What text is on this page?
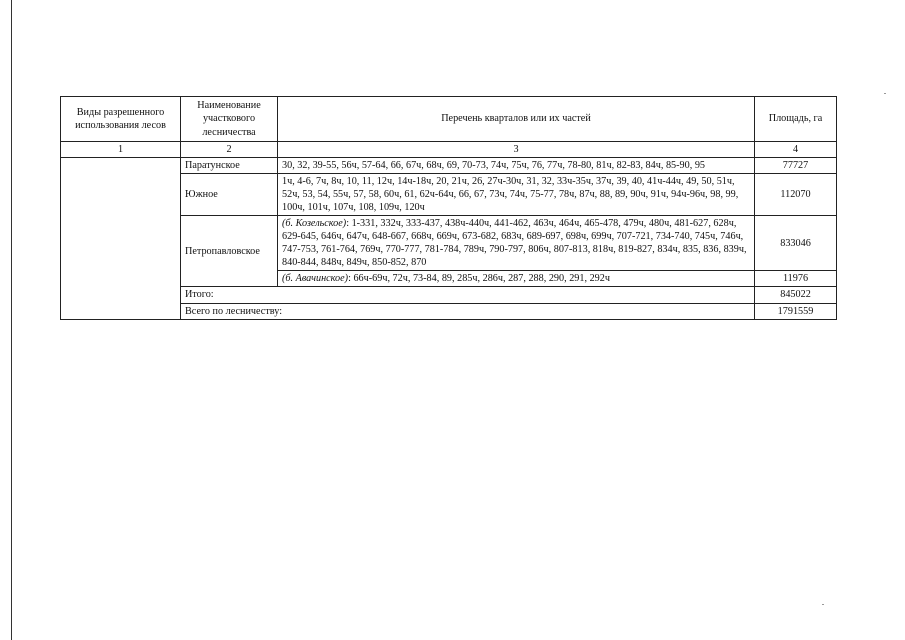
Виды разрешенного использования лесов	Наименование участкового лесничества	Перечень кварталов или их частей	Площадь, га
1	2	3	4
	Паратунское	30, 32, 39-55, 56ч, 57-64, 66, 67ч, 68ч, 69, 70-73, 74ч, 75ч, 76, 77ч, 78-80, 81ч, 82-83, 84ч, 85-90, 95	77727
	Южное	1ч, 4-6, 7ч, 8ч, 10, 11, 12ч, 14ч-18ч, 20, 21ч, 26, 27ч-30ч, 31, 32, 33ч-35ч, 37ч, 39, 40, 41ч-44ч, 49, 50, 51ч, 52ч, 53, 54, 55ч, 57, 58, 60ч, 61, 62ч-64ч, 66, 67, 73ч, 74ч, 75-77, 78ч, 87ч, 88, 89, 90ч, 91ч, 94ч-96ч, 98, 99, 100ч, 101ч, 107ч, 108, 109ч, 120ч	112070
	Петропавловское	(б. Козельское): 1-331, 332ч, 333-437, 438ч-440ч, 441-462, 463ч, 464ч, 465-478, 479ч, 480ч, 481-627, 628ч, 629-645, 646ч, 647ч, 648-667, 668ч, 669ч, 673-682, 683ч, 689-697, 698ч, 699ч, 707-721, 734-740, 745ч, 746ч, 747-753, 761-764, 769ч, 770-777, 781-784, 789ч, 790-797, 806ч, 807-813, 818ч, 819-827, 834ч, 835, 836, 839ч, 840-844, 848ч, 849ч, 850-852, 870	833046
		(б. Авачинское): 66ч-69ч, 72ч, 73-84, 89, 285ч, 286ч, 287, 288, 290, 291, 292ч	11976
	Итого:		845022
	Всего по лесничеству:		1791559
